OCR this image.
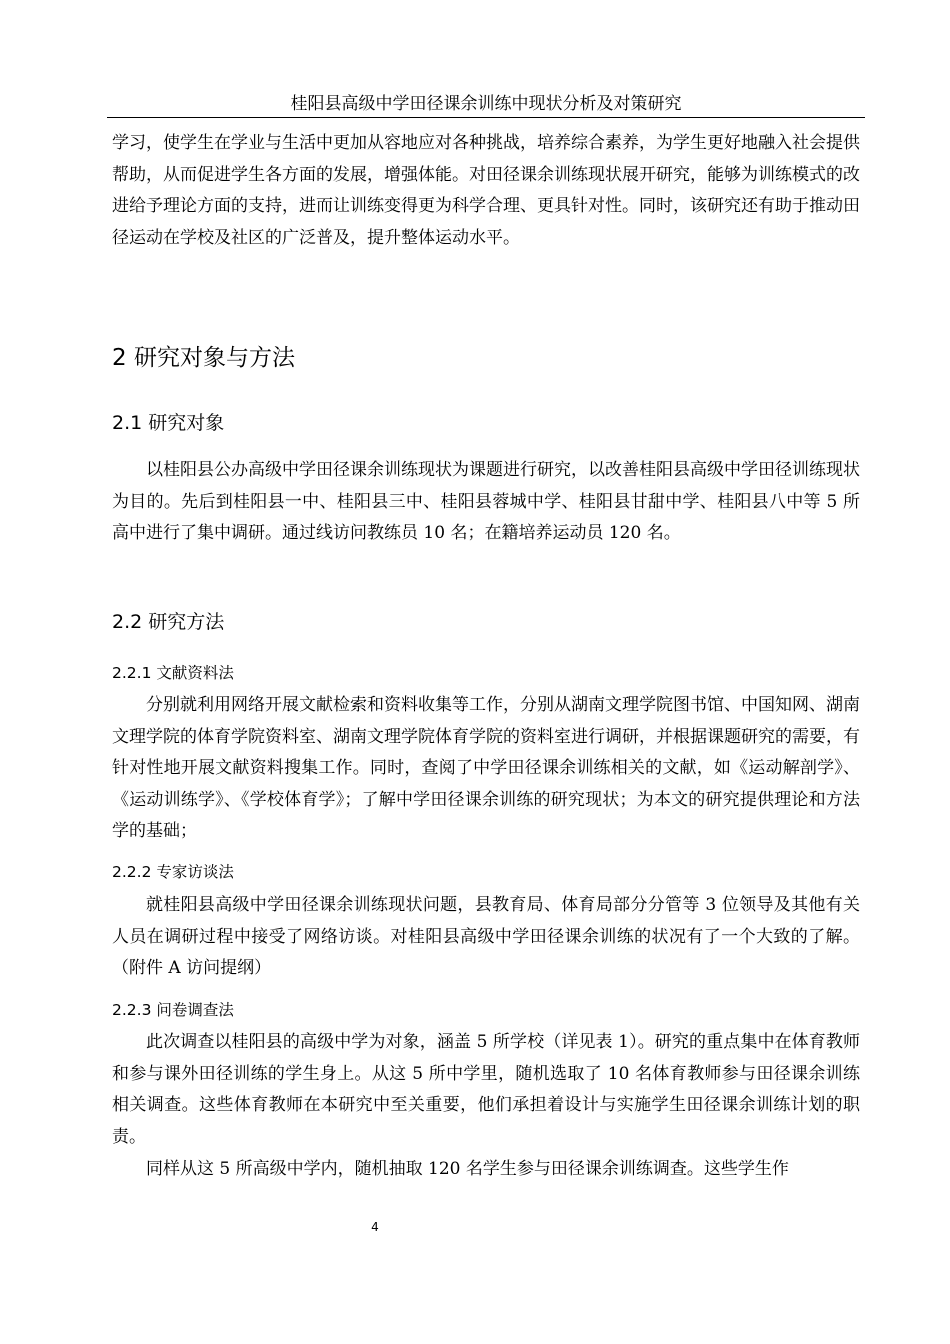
桂阳县高级中学田径课余训练中现状分析及对策研究

学习，使学生在学业与生活中更加从容地应对各种挑战，培养综合素养，为学生更好地融入社会提供帮助，从而促进学生各方面的发展，增强体能。对田径课余训练现状展开研究，能够为训练模式的改进给予理论方面的支持，进而让训练变得更为科学合理、更具针对性。同时，该研究还有助于推动田径运动在学校及社区的广泛普及，提升整体运动水平。

2 研究对象与方法
2.1 研究对象

以桂阳县公办高级中学田径课余训练现状为课题进行研究，以改善桂阳县高级中学田径训练现状为目的。先后到桂阳县一中、桂阳县三中、桂阳县蓉城中学、桂阳县甘甜中学、桂阳县八中等 5 所高中进行了集中调研。通过线访问教练员 10 名；在籍培养运动员 120 名。

2.2 研究方法
2.2.1 文献资料法

分别就利用网络开展文献检索和资料收集等工作，分别从湖南文理学院图书馆、中国知网、湖南文理学院的体育学院资料室、湖南文理学院体育学院的资料室进行调研，并根据课题研究的需要，有针对性地开展文献资料搜集工作。同时，查阅了中学田径课余训练相关的文献，如《运动解剖学》、《运动训练学》、《学校体育学》；了解中学田径课余训练的研究现状；为本文的研究提供理论和方法学的基础；

2.2.2 专家访谈法

就桂阳县高级中学田径课余训练现状问题，县教育局、体育局部分分管等 3 位领导及其他有关人员在调研过程中接受了网络访谈。对桂阳县高级中学田径课余训练的状况有了一个大致的了解。（附件 A 访问提纲）

2.2.3 问卷调查法

此次调查以桂阳县的高级中学为对象，涵盖 5 所学校（详见表 1）。研究的重点集中在体育教师和参与课外田径训练的学生身上。从这 5 所中学里，随机选取了 10 名体育教师参与田径课余训练相关调查。这些体育教师在本研究中至关重要，他们承担着设计与实施学生田径课余训练计划的职责。

同样从这 5 所高级中学内，随机抽取 120 名学生参与田径课余训练调查。这些学生作

4
